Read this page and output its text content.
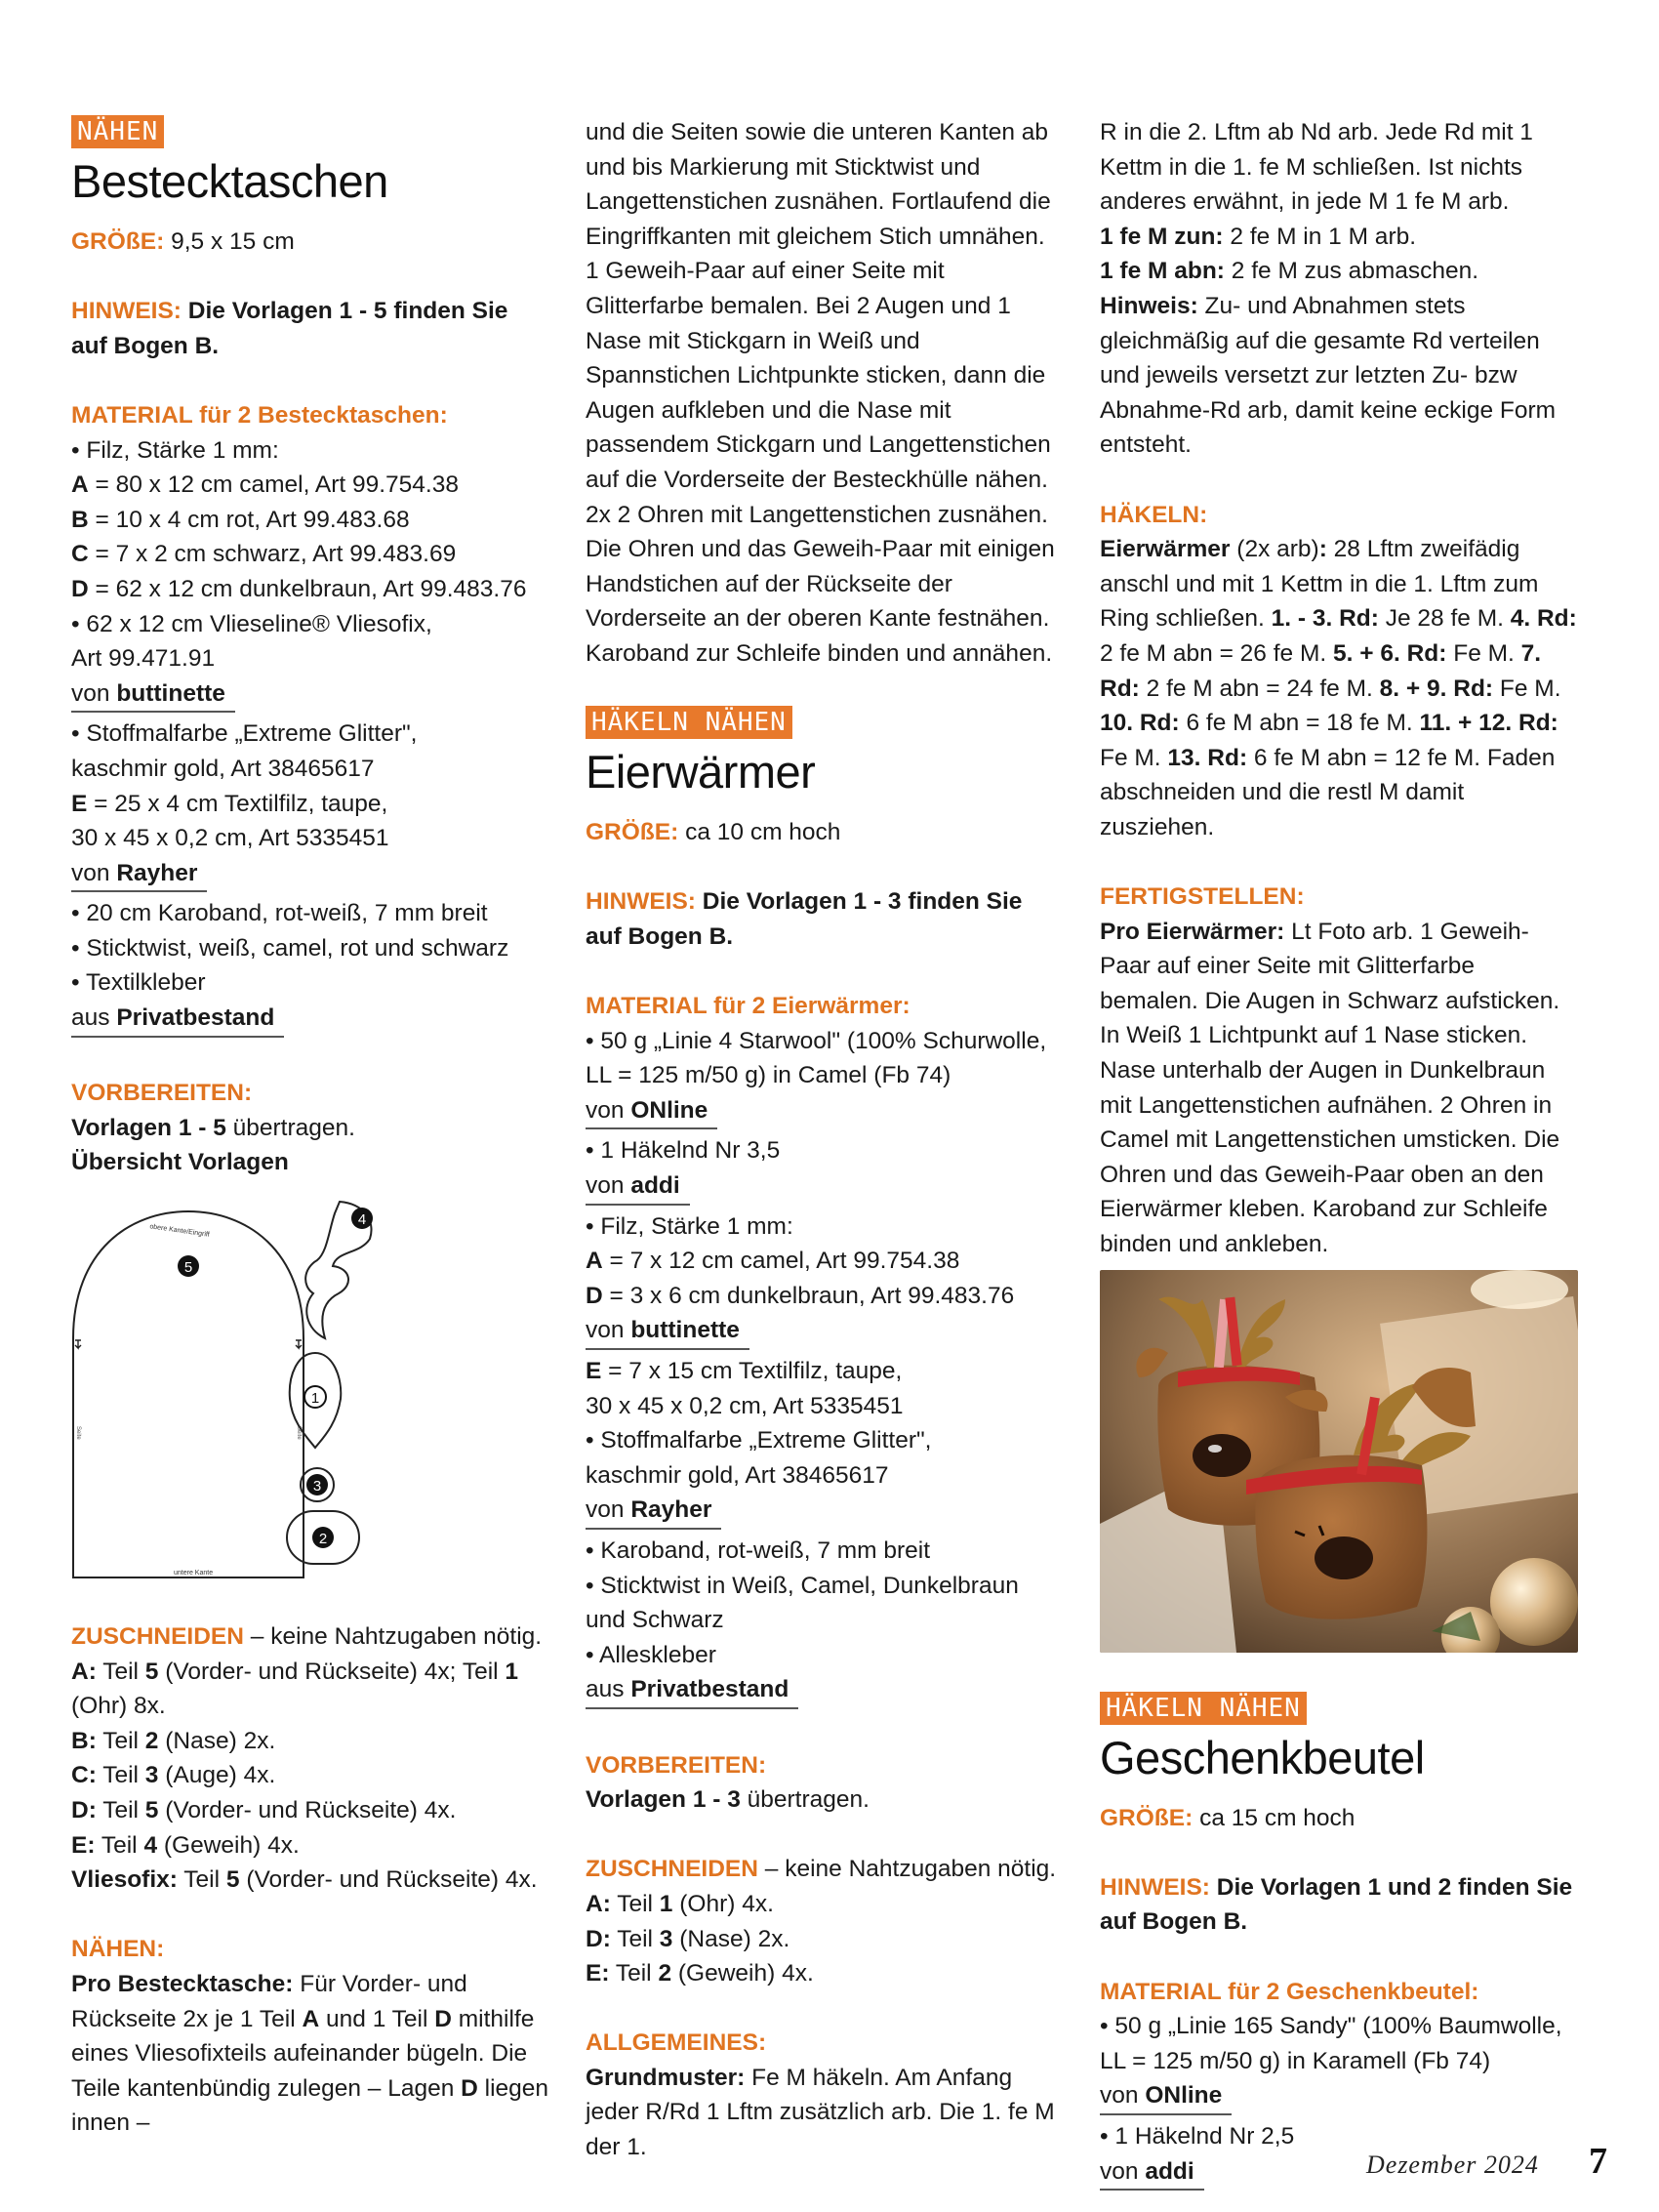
NÄHEN
Bestecktaschen
GRÖßE: 9,5 x 15 cm
HINWEIS: Die Vorlagen 1 - 5 finden Sie auf Bogen B.
MATERIAL für 2 Bestecktaschen:
• Filz, Stärke 1 mm:
A = 80 x 12 cm camel, Art 99.754.38
B = 10 x 4 cm rot, Art 99.483.68
C = 7 x 2 cm schwarz, Art 99.483.69
D = 62 x 12 cm dunkelbraun, Art 99.483.76
• 62 x 12 cm Vlieseline® Vliesofix,
Art 99.471.91
von buttinette
• Stoffmalfarbe „Extreme Glitter",
kaschmir gold, Art 38465617
E = 25 x 4 cm Textilfilz, taupe,
30 x 45 x 0,2 cm, Art 5335451
von Rayher
• 20 cm Karoband, rot-weiß, 7 mm breit
• Sticktwist, weiß, camel, rot und schwarz
• Textilkleber
aus Privatbestand
VORBEREITEN:
Vorlagen 1 - 5 übertragen.
Übersicht Vorlagen
obere Kante/Eingriff
untere Kante
Seite	Seite
5
4
1
3
2
ZUSCHNEIDEN – keine Nahtzugaben nötig.
A: Teil 5 (Vorder- und Rückseite) 4x; Teil 1 (Ohr) 8x.
B: Teil 2 (Nase) 2x.
C: Teil 3 (Auge) 4x.
D: Teil 5 (Vorder- und Rückseite) 4x.
E: Teil 4 (Geweih) 4x.
Vliesofix: Teil 5 (Vorder- und Rückseite) 4x.
NÄHEN:
Pro Bestecktasche: Für Vorder- und Rückseite 2x je 1 Teil A und 1 Teil D mithilfe eines Vliesofixteils aufeinander bügeln. Die Teile kantenbündig zulegen – Lagen D liegen innen –
und die Seiten sowie die unteren Kanten ab und bis Markierung mit Sticktwist und Langettenstichen zusnähen. Fortlaufend die Eingriffkanten mit gleichem Stich umnähen. 1 Geweih-Paar auf einer Seite mit Glitterfarbe bemalen. Bei 2 Augen und 1 Nase mit Stickgarn in Weiß und Spannstichen Lichtpunkte sticken, dann die Augen aufkleben und die Nase mit passendem Stickgarn und Langettenstichen auf die Vorderseite der Besteckhülle nähen. 2x 2 Ohren mit Langettenstichen zusnähen. Die Ohren und das Geweih-Paar mit einigen Handstichen auf der Rückseite der Vorderseite an der oberen Kante festnähen. Karoband zur Schleife binden und annähen.
HÄKELN NÄHEN
Eierwärmer
GRÖßE: ca 10 cm hoch
HINWEIS: Die Vorlagen 1 - 3 finden Sie auf Bogen B.
MATERIAL für 2 Eierwärmer:
• 50 g „Linie 4 Starwool" (100% Schurwolle, LL = 125 m/50 g) in Camel (Fb 74)
von ONline
• 1 Häkelnd Nr 3,5
von addi
• Filz, Stärke 1 mm:
A = 7 x 12 cm camel, Art 99.754.38
D = 3 x 6 cm dunkelbraun, Art 99.483.76
von buttinette
E = 7 x 15 cm Textilfilz, taupe,
30 x 45 x 0,2 cm, Art 5335451
• Stoffmalfarbe „Extreme Glitter",
kaschmir gold, Art 38465617
von Rayher
• Karoband, rot-weiß, 7 mm breit
• Sticktwist in Weiß, Camel, Dunkelbraun und Schwarz
• Alleskleber
aus Privatbestand
VORBEREITEN:
Vorlagen 1 - 3 übertragen.
ZUSCHNEIDEN – keine Nahtzugaben nötig.
A: Teil 1 (Ohr) 4x.
D: Teil 3 (Nase) 2x.
E: Teil 2 (Geweih) 4x.
ALLGEMEINES:
Grundmuster: Fe M häkeln. Am Anfang jeder R/Rd 1 Lftm zusätzlich arb. Die 1. fe M der 1.
R in die 2. Lftm ab Nd arb. Jede Rd mit 1 Kettm in die 1. fe M schließen. Ist nichts anderes erwähnt, in jede M 1 fe M arb.
1 fe M zun: 2 fe M in 1 M arb.
1 fe M abn: 2 fe M zus abmaschen.
Hinweis: Zu- und Abnahmen stets gleichmäßig auf die gesamte Rd verteilen und jeweils versetzt zur letzten Zu- bzw Abnahme-Rd arb, damit keine eckige Form entsteht.
HÄKELN:
Eierwärmer (2x arb): 28 Lftm zweifädig anschl und mit 1 Kettm in die 1. Lftm zum Ring schließen. 1. - 3. Rd: Je 28 fe M. 4. Rd: 2 fe M abn = 26 fe M. 5. + 6. Rd: Fe M. 7. Rd: 2 fe M abn = 24 fe M. 8. + 9. Rd: Fe M. 10. Rd: 6 fe M abn = 18 fe M. 11. + 12. Rd: Fe M. 13. Rd: 6 fe M abn = 12 fe M. Faden abschneiden und die restl M damit zusziehen.
FERTIGSTELLEN:
Pro Eierwärmer: Lt Foto arb. 1 Geweih-Paar auf einer Seite mit Glitterfarbe bemalen. Die Augen in Schwarz aufsticken. In Weiß 1 Lichtpunkt auf 1 Nase sticken. Nase unterhalb der Augen in Dunkelbraun mit Langettenstichen aufnähen. 2 Ohren in Camel mit Langettenstichen umsticken. Die Ohren und das Geweih-Paar oben an den Eierwärmer kleben. Karoband zur Schleife binden und ankleben.
HÄKELN NÄHEN
Geschenkbeutel
GRÖßE: ca 15 cm hoch
HINWEIS: Die Vorlagen 1 und 2 finden Sie auf Bogen B.
MATERIAL für 2 Geschenkbeutel:
• 50 g „Linie 165 Sandy" (100% Baumwolle, LL = 125 m/50 g) in Karamell (Fb 74)
von ONline
• 1 Häkelnd Nr 2,5
von addi	Dezember 2024 7
